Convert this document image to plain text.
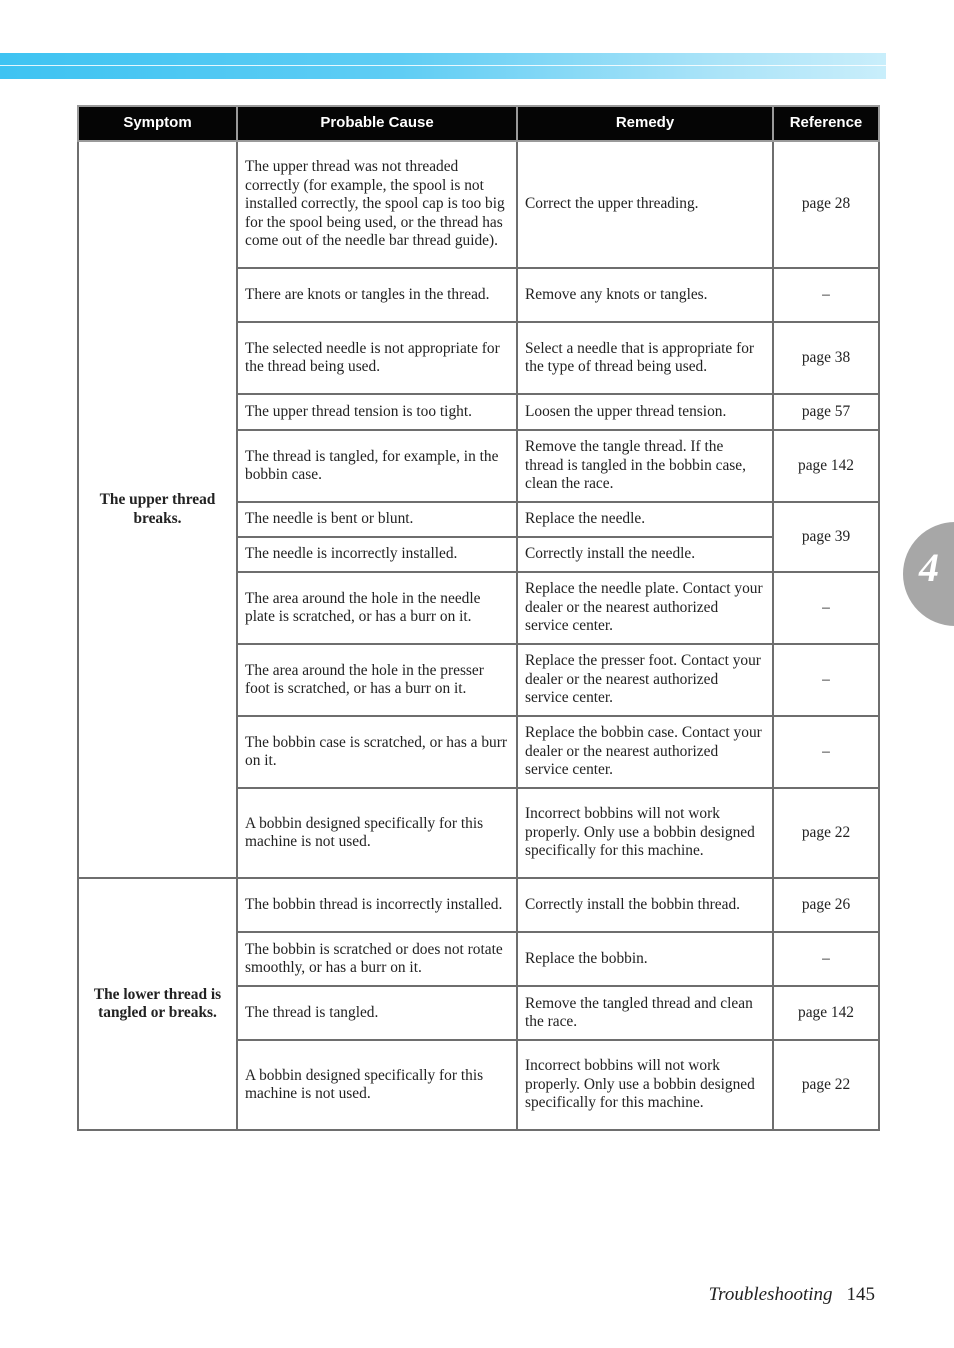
4
Symptom	Probable Cause	Remedy	Reference
The upper thread breaks.	The upper thread was not threaded correctly (for example, the spool is not installed correctly, the spool cap is too big for the spool being used, or the thread has come out of the needle bar thread guide).	Correct the upper threading.	page 28
	There are knots or tangles in the thread.	Remove any knots or tangles.	–
	The selected needle is not appropriate for the thread being used.	Select a needle that is appropriate for the type of thread being used.	page 38
	The upper thread tension is too tight.	Loosen the upper thread tension.	page 57
	The thread is tangled, for example, in the bobbin case.	Remove the tangle thread. If the thread is tangled in the bobbin case, clean the race.	page 142
	The needle is bent or blunt.	Replace the needle.	page 39
	The needle is incorrectly installed.	Correctly install the needle.	
	The area around the hole in the needle plate is scratched, or has a burr on it.	Replace the needle plate. Contact your dealer or the nearest authorized service center.	–
	The area around the hole in the presser foot is scratched, or has a burr on it.	Replace the presser foot. Contact your dealer or the nearest authorized service center.	–
	The bobbin case is scratched, or has a burr on it.	Replace the bobbin case. Contact your dealer or the nearest authorized service center.	–
	A bobbin designed specifically for this machine is not used.	Incorrect bobbins will not work properly. Only use a bobbin designed specifically for this machine.	page 22
The lower thread is tangled or breaks.	The bobbin thread is incorrectly installed.	Correctly install the bobbin thread.	page 26
	The bobbin is scratched or does not rotate smoothly, or has a burr on it.	Replace the bobbin.	–
	The thread is tangled.	Remove the tangled thread and clean the race.	page 142
	A bobbin designed specifically for this machine is not used.	Incorrect bobbins will not work properly. Only use a bobbin designed specifically for this machine.	page 22
Troubleshooting 145
